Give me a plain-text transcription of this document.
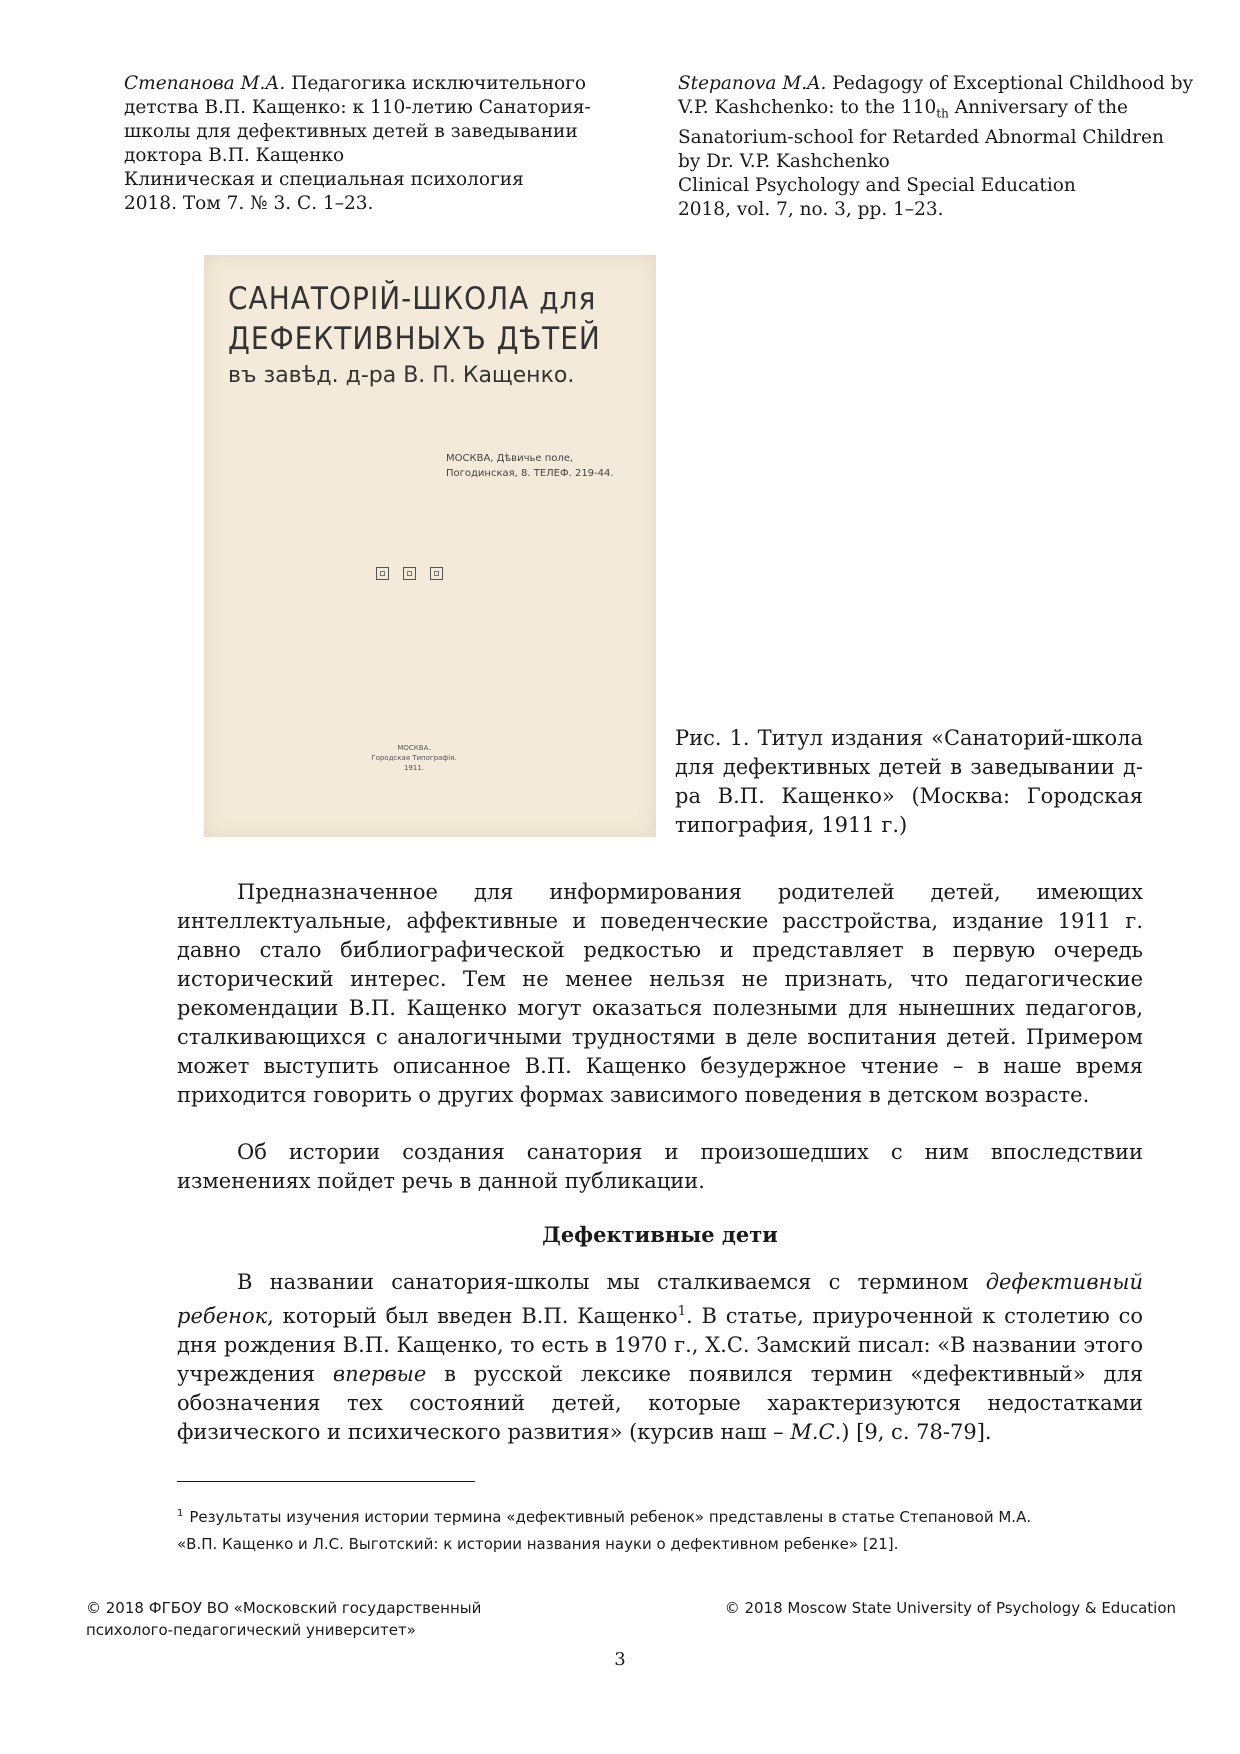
Степанова М.А. Педагогика исключительного
детства В.П. Кащенко: к 110-летию Санатория-
школы для дефективных детей в заведывании
доктора В.П. Кащенко
Клиническая и специальная психология
2018. Том 7. № 3. С. 1–23.
Stepanova M.A. Pedagogy of Exceptional Childhood by
V.P. Kashchenko: to the $110_{th}$ Anniversary of the
Sanatorium-school for Retarded Abnormal Children
by Dr. V.P. Kashchenko
Clinical Psychology and Special Education
2018, vol. 7, no. 3, pp. 1–23.
САНАТОРIЙ-ШКОЛА для
ДЕФЕКТИВНЫХЪ ДѢТЕЙ
въ завѣд. д-ра В. П. Кащенко.
МОСКВА, Дѣвичье поле, Погодинская, 8. ТЕЛЕФ. 219-44.
МОСКВА.
Городская Типографія.
1911.
Рис. 1. Титул издания «Санаторий-школа для дефективных детей в заведывании д-ра В.П. Кащенко» (Москва: Городская типография, 1911 г.)

Предназначенное для информирования родителей детей, имеющих интеллектуальные, аффективные и поведенческие расстройства, издание 1911 г. давно стало библиографической редкостью и представляет в первую очередь исторический интерес. Тем не менее нельзя не признать, что педагогические рекомендации В.П. Кащенко могут оказаться полезными для нынешних педагогов, сталкивающихся с аналогичными трудностями в деле воспитания детей. Примером может выступить описанное В.П. Кащенко безудержное чтение – в наше время приходится говорить о других формах зависимого поведения в детском возрасте.

Об истории создания санатория и произошедших с ним впоследствии изменениях пойдет речь в данной публикации.

Дефективные дети

В названии санатория-школы мы сталкиваемся с термином дефективный ребенок, который был введен В.П. Кащенко$^1$. В статье, приуроченной к столетию со дня рождения В.П. Кащенко, то есть в 1970 г., Х.С. Замский писал: «В названии этого учреждения впервые в русской лексике появился термин «дефективный» для обозначения тех состояний детей, которые характеризуются недостатками физического и психического развития» (курсив наш – М.С.) [9, с. 78-79].

$^1$ Результаты изучения истории термина «дефективный ребенок» представлены в статье Степановой М.А.
«В.П. Кащенко и Л.С. Выготский: к истории названия науки о дефективном ребенке» [21].
© 2018 ФГБОУ ВО «Московский государственный
психолого-педагогический университет»
© 2018 Moscow State University of Psychology & Education
3
